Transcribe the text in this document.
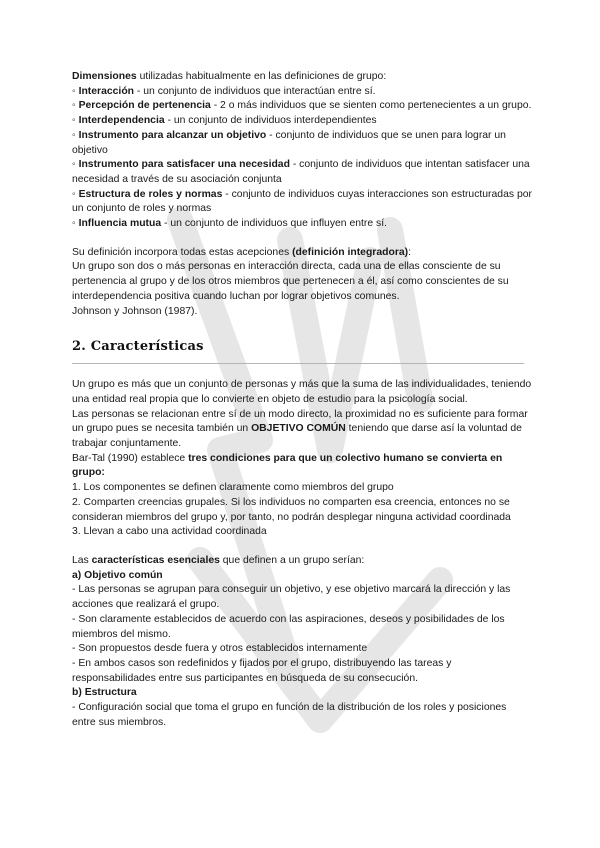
Dimensiones utilizadas habitualmente en las definiciones de grupo:

◦ Interacción - un conjunto de individuos que interactúan entre sí.

◦ Percepción de pertenencia - 2 o más individuos que se sienten como pertenecientes a un grupo.

◦ Interdependencia - un conjunto de individuos interdependientes

◦ Instrumento para alcanzar un objetivo - conjunto de individuos que se unen para lograr un objetivo

◦ Instrumento para satisfacer una necesidad - conjunto de individuos que intentan satisfacer una necesidad a través de su asociación conjunta

◦ Estructura de roles y normas - conjunto de individuos cuyas interacciones son estructuradas por un conjunto de roles y normas

◦ Influencia mutua - un conjunto de individuos que influyen entre sí.

Su definición incorpora todas estas acepciones (definición integradora):

Un grupo son dos o más personas en interacción directa, cada una de ellas consciente de su pertenencia al grupo y de los otros miembros que pertenecen a él, así como conscientes de su interdependencia positiva cuando luchan por lograr objetivos comunes.

Johnson y Johnson (1987).

2. Características

Un grupo es más que un conjunto de personas y más que la suma de las individualidades, teniendo una entidad real propia que lo convierte en objeto de estudio para la psicología social.

Las personas se relacionan entre sí de un modo directo, la proximidad no es suficiente para formar un grupo pues se necesita también un OBJETIVO COMÚN teniendo que darse así la voluntad de trabajar conjuntamente.

Bar-Tal (1990) establece tres condiciones para que un colectivo humano se convierta en grupo:

1. Los componentes se definen claramente como miembros del grupo

2. Comparten creencias grupales. Si los individuos no comparten esa creencia, entonces no se consideran miembros del grupo y, por tanto, no podrán desplegar ninguna actividad coordinada

3. Llevan a cabo una actividad coordinada

Las características esenciales que definen a un grupo serían:

a) Objetivo común

- Las personas se agrupan para conseguir un objetivo, y ese objetivo marcará la dirección y las acciones que realizará el grupo.

- Son claramente establecidos de acuerdo con las aspiraciones, deseos y posibilidades de los miembros del mismo.

- Son propuestos desde fuera y otros establecidos internamente

- En ambos casos son redefinidos y fijados por el grupo, distribuyendo las tareas y responsabilidades entre sus participantes en búsqueda de su consecución.

b) Estructura

- Configuración social que toma el grupo en función de la distribución de los roles y posiciones entre sus miembros.
